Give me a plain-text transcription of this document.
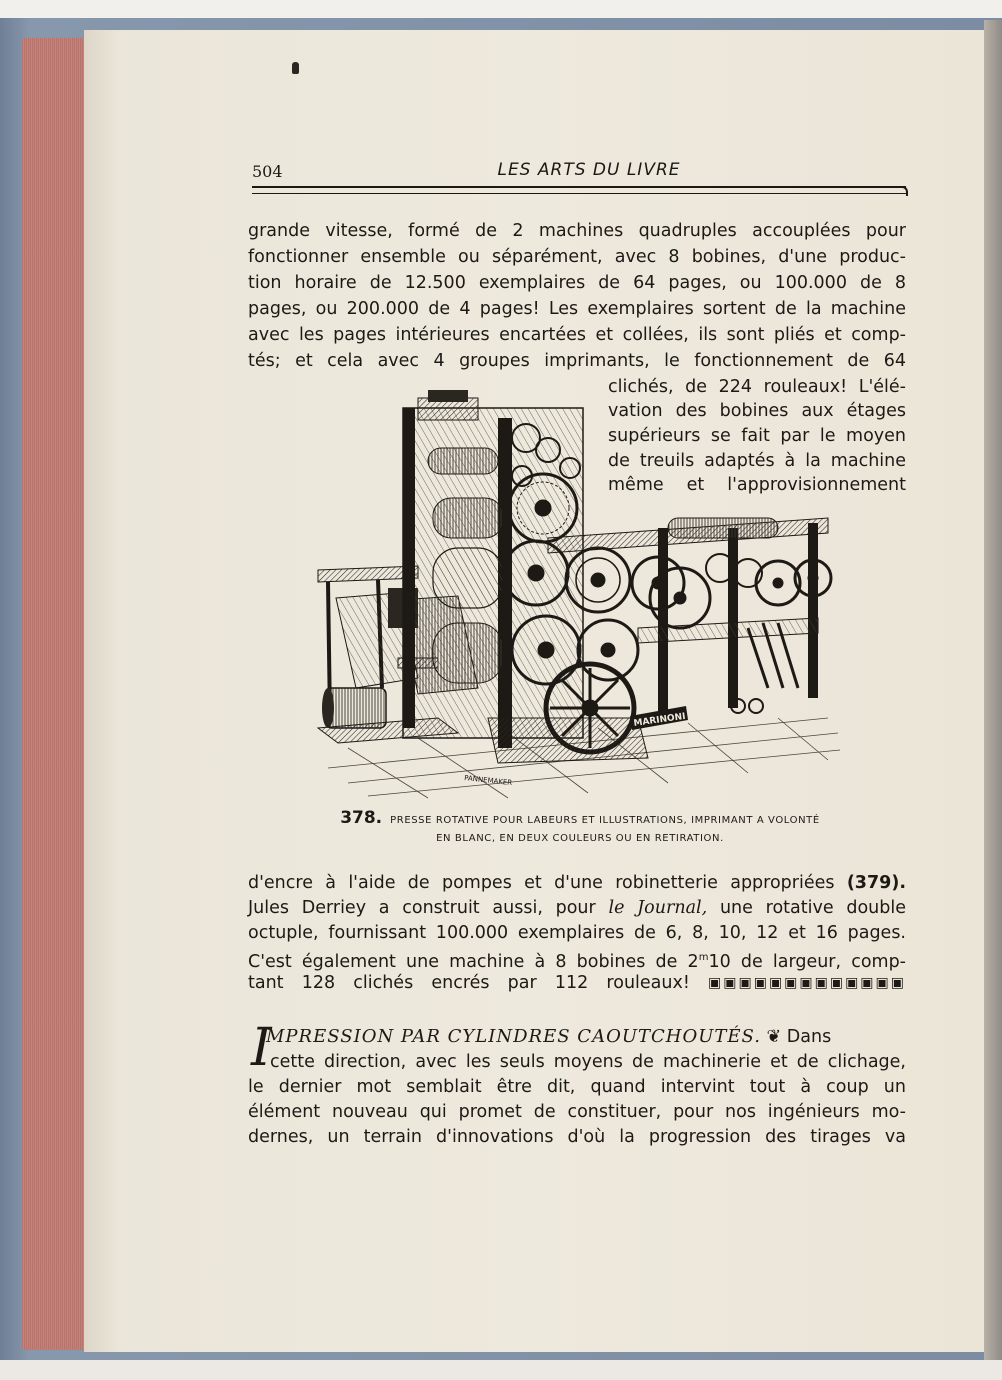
504	LES ARTS DU LIVRE
grande vitesse, formé de 2 machines quadruples accouplées pour
fonctionner ensemble ou séparément, avec 8 bobines, d'une produc-
tion horaire de 12.500 exemplaires de 64 pages, ou 100.000 de 8
pages, ou 200.000 de 4 pages! Les exemplaires sortent de la machine
avec les pages intérieures encartées et collées, ils sont pliés et comp-
tés; et cela avec 4 groupes imprimants, le fonctionnement de 64
clichés, de 224 rouleaux! L'élé-
vation des bobines aux étages
supérieurs se fait par le moyen
de treuils adaptés à la machine
même et l'approvisionnement
MARINONI
PANNEMAKER
378. PRESSE ROTATIVE POUR LABEURS ET ILLUSTRATIONS, IMPRIMANT A VOLONTÉ
EN BLANC, EN DEUX COULEURS OU EN RETIRATION.
d'encre à l'aide de pompes et d'une robinetterie appropriées (379).
Jules Derriey a construit aussi, pour le Journal, une rotative double
octuple, fournissant 100.000 exemplaires de 6, 8, 10, 12 et 16 pages.
C'est également une machine à 8 bobines de 2$^m$10 de largeur, comp-
tant 128 clichés encrés par 112 rouleaux! ▣▣▣▣▣▣▣▣▣▣▣▣▣
I
MPRESSION PAR CYLINDRES CAOUTCHOUTÉS. ❦ Dans
cette direction, avec les seuls moyens de machinerie et de clichage,
le dernier mot semblait être dit, quand intervint tout à coup un
élément nouveau qui promet de constituer, pour nos ingénieurs mo-
dernes, un terrain d'innovations d'où la progression des tirages va
